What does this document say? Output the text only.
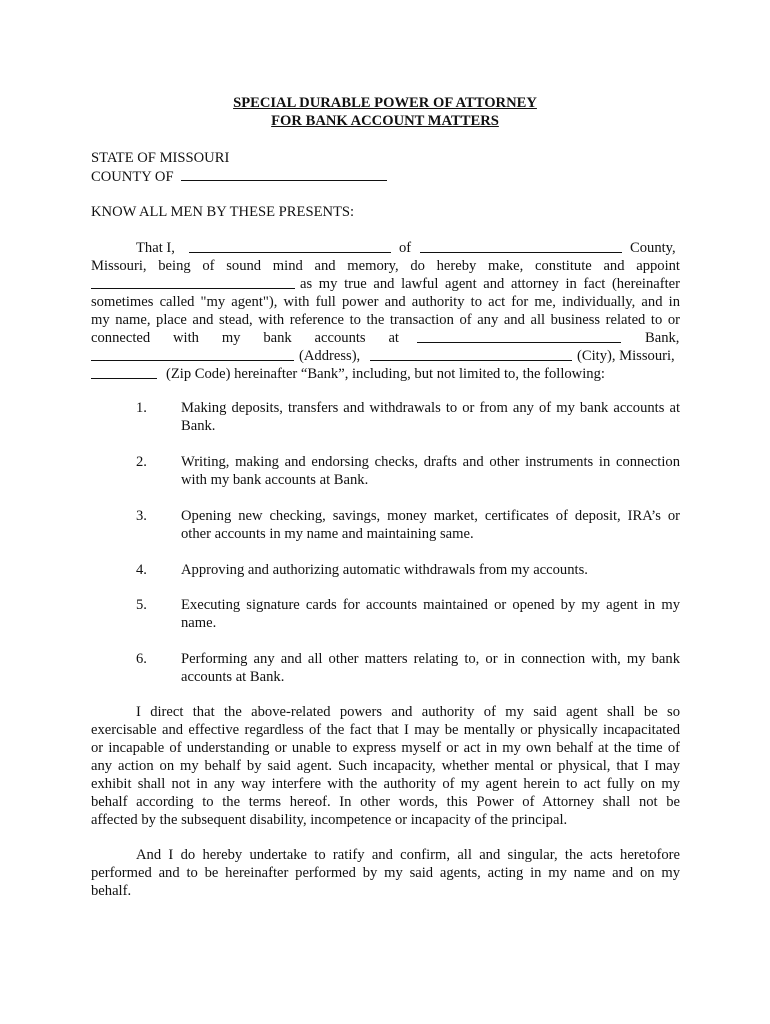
SPECIAL DURABLE POWER OF ATTORNEY
FOR BANK ACCOUNT MATTERS
STATE OF MISSOURI
COUNTY OF
KNOW ALL MEN BY THESE PRESENTS:
That I,	of	County,
Missouri, being of sound mind and memory, do hereby make, constitute and appoint
as my true and lawful agent and attorney in fact (hereinafter
sometimes called "my agent"), with full power and authority to act for me, individually, and in
my name, place and stead, with reference to the transaction of any and all business related to or
connected with my bank accounts at	Bank,
(Address),	(City), Missouri,
(Zip Code) hereinafter “Bank”, including, but not limited to, the following:
1. Making deposits, transfers and withdrawals to or from any of my bank accounts at
Bank.
2. Writing, making and endorsing checks, drafts and other instruments in connection
with my bank accounts at Bank.
3. Opening new checking, savings, money market, certificates of deposit, IRA’s or
other accounts in my name and maintaining same.
4. Approving and authorizing automatic withdrawals from my accounts.
5. Executing signature cards for accounts maintained or opened by my agent in my
name.
6. Performing any and all other matters relating to, or in connection with, my bank
accounts at Bank.
I direct that the above-related powers and authority of my said agent shall be so
exercisable and effective regardless of the fact that I may be mentally or physically incapacitated
or incapable of understanding or unable to express myself or act in my own behalf at the time of
any action on my behalf by said agent. Such incapacity, whether mental or physical, that I may
exhibit shall not in any way interfere with the authority of my agent herein to act fully on my
behalf according to the terms hereof. In other words, this Power of Attorney shall not be
affected by the subsequent disability, incompetence or incapacity of the principal.
And I do hereby undertake to ratify and confirm, all and singular, the acts heretofore
performed and to be hereinafter performed by my said agents, acting in my name and on my
behalf.
